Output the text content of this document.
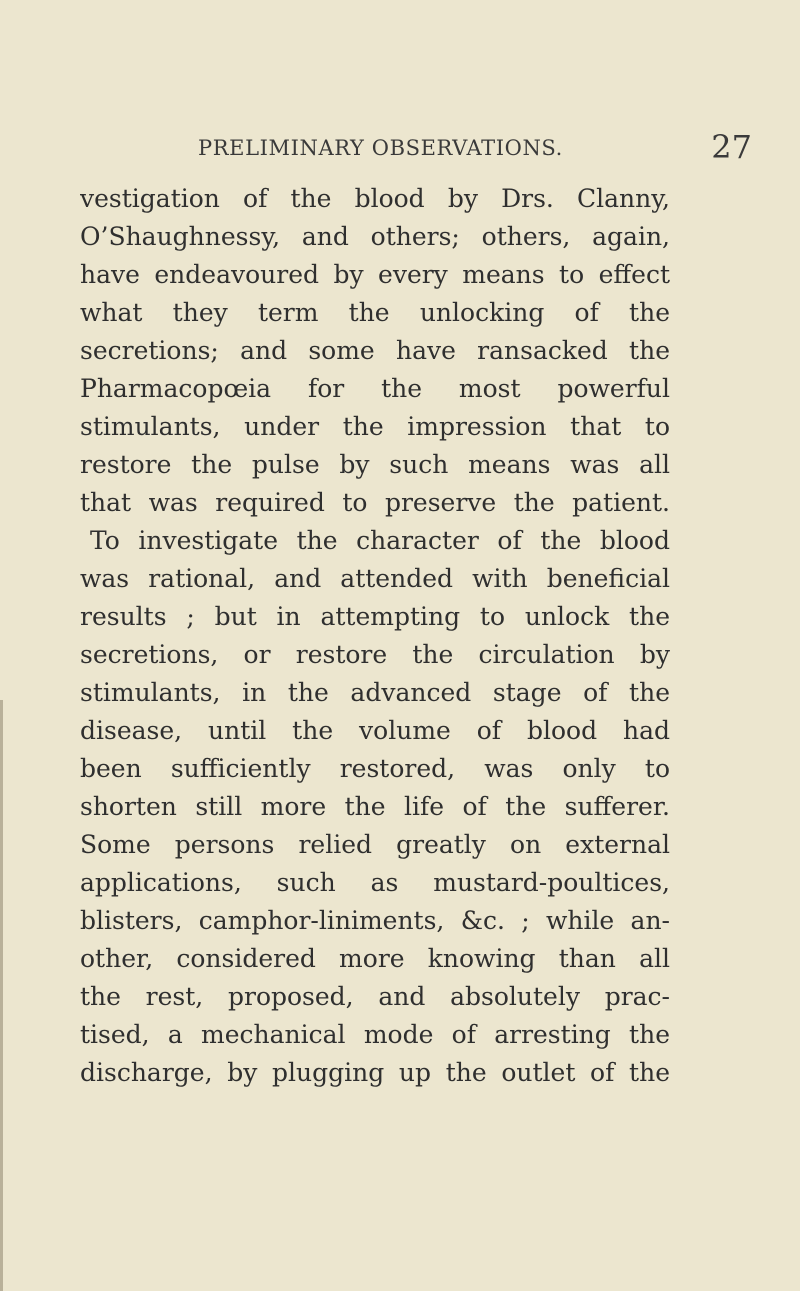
PRELIMINARY OBSERVATIONS.	27
vestigation of the blood by Drs. Clanny,
O’Shaughnessy, and others; others, again,
have endeavoured by every means to effect
what they term the unlocking of the
secretions; and some have ransacked the
Pharmacopœia for the most powerful
stimulants, under the impression that to
restore the pulse by such means was all
that was required to preserve the patient.
To investigate the character of the blood
was rational, and attended with beneficial
results ; but in attempting to unlock the
secretions, or restore the circulation by
stimulants, in the advanced stage of the
disease, until the volume of blood had
been sufficiently restored, was only to
shorten still more the life of the sufferer.
Some persons relied greatly on external
applications, such as mustard-poultices,
blisters, camphor-liniments, &c. ; while an-
other, considered more knowing than all
the rest, proposed, and absolutely prac-
tised, a mechanical mode of arresting the
discharge, by plugging up the outlet of the
